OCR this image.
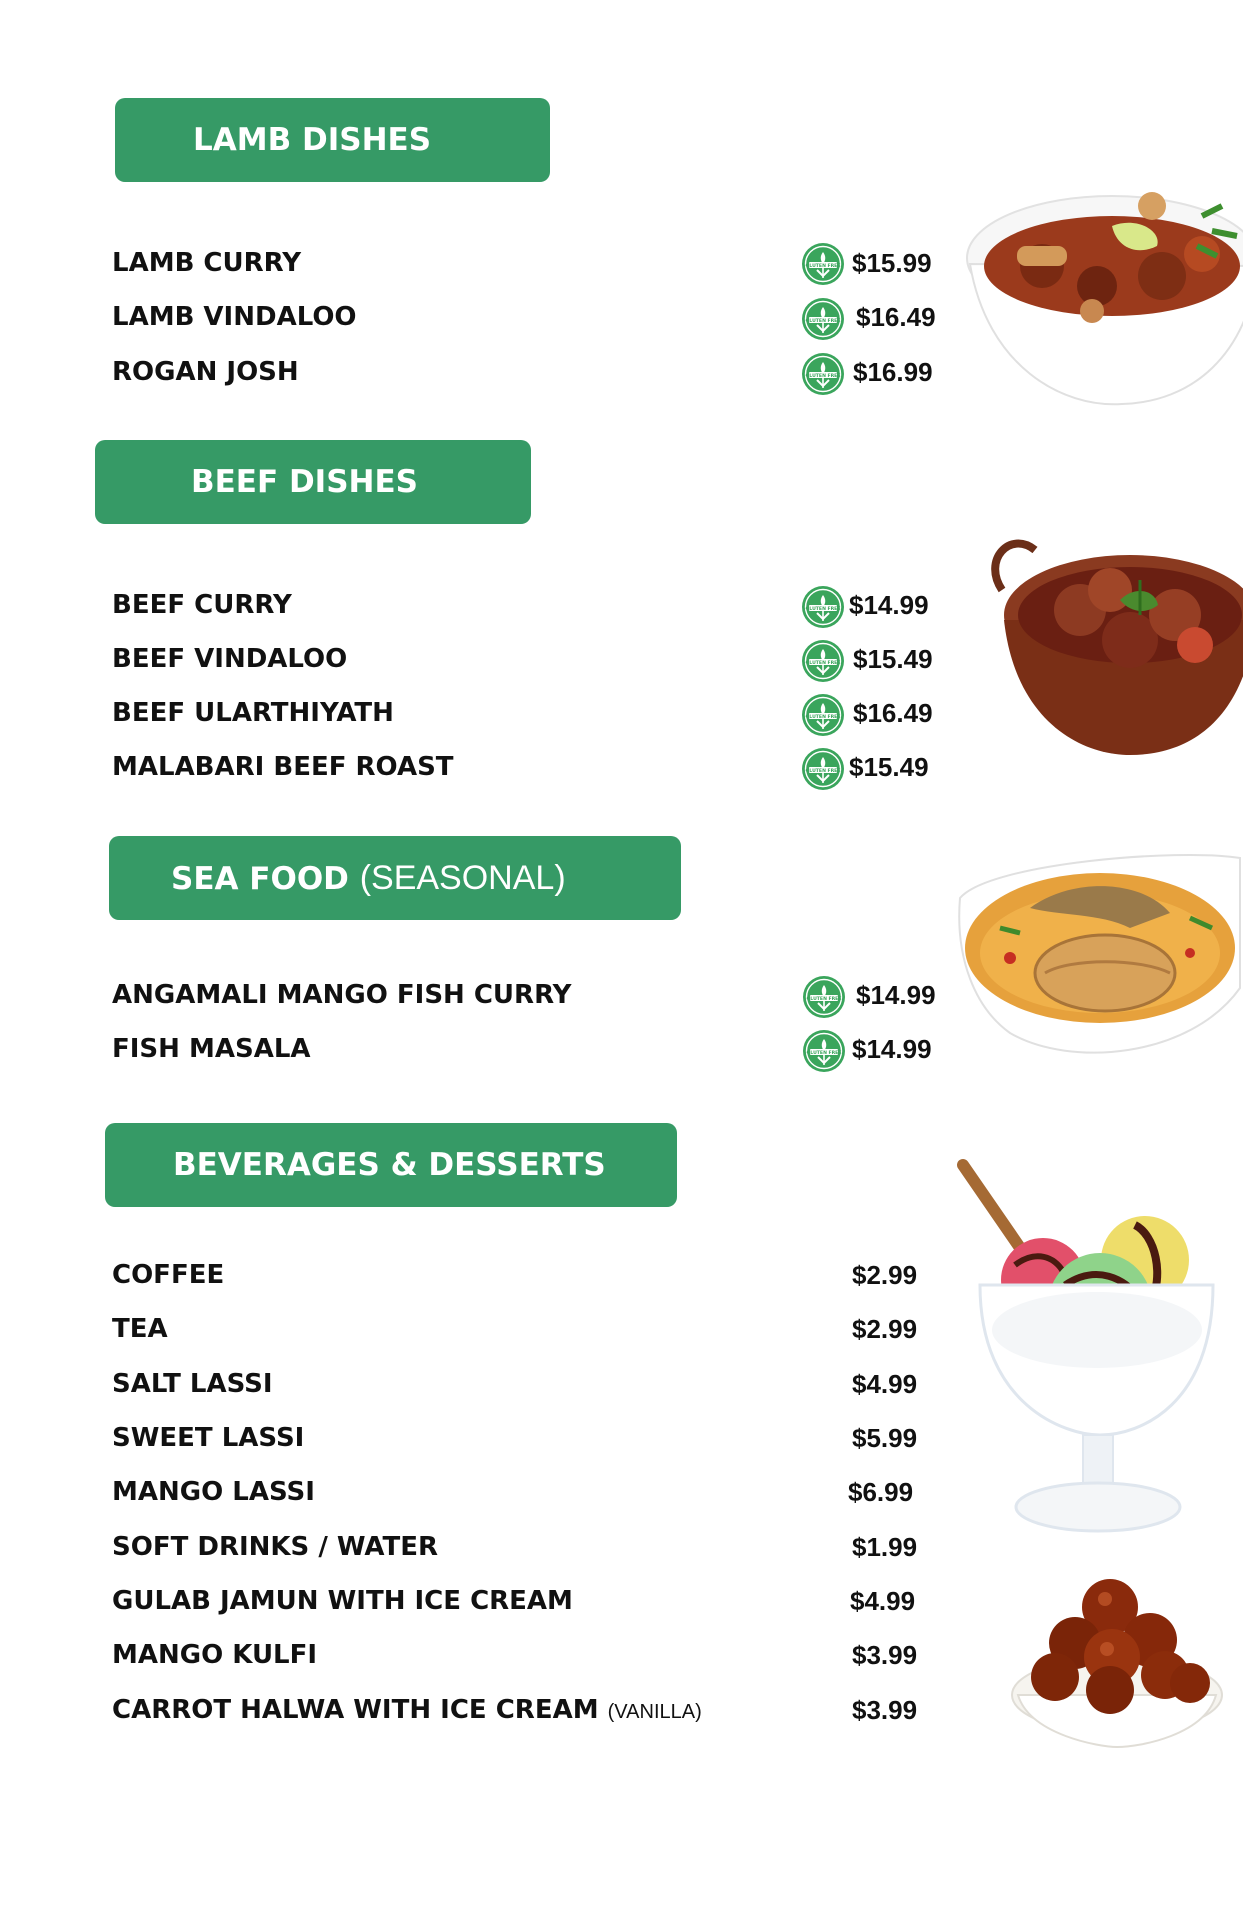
LAMB DISHES
LAMB CURRY	$15.99
LAMB VINDALOO	$16.49
ROGAN JOSH	$16.99
BEEF DISHES
BEEF CURRY	$14.99
BEEF VINDALOO	$15.49
BEEF ULARTHIYATH	$16.49
MALABARI BEEF ROAST	$15.49
SEA FOOD (SEASONAL)
ANGAMALI MANGO FISH CURRY	$14.99
FISH MASALA	$14.99
BEVERAGES & DESSERTS
COFFEE	$2.99
TEA	$2.99
SALT LASSI	$4.99
SWEET LASSI	$5.99
MANGO LASSI	$6.99
SOFT DRINKS / WATER	$1.99
GULAB JAMUN WITH ICE CREAM	$4.99
MANGO KULFI	$3.99
CARROT HALWA WITH ICE CREAM (VANILLA)	$3.99
